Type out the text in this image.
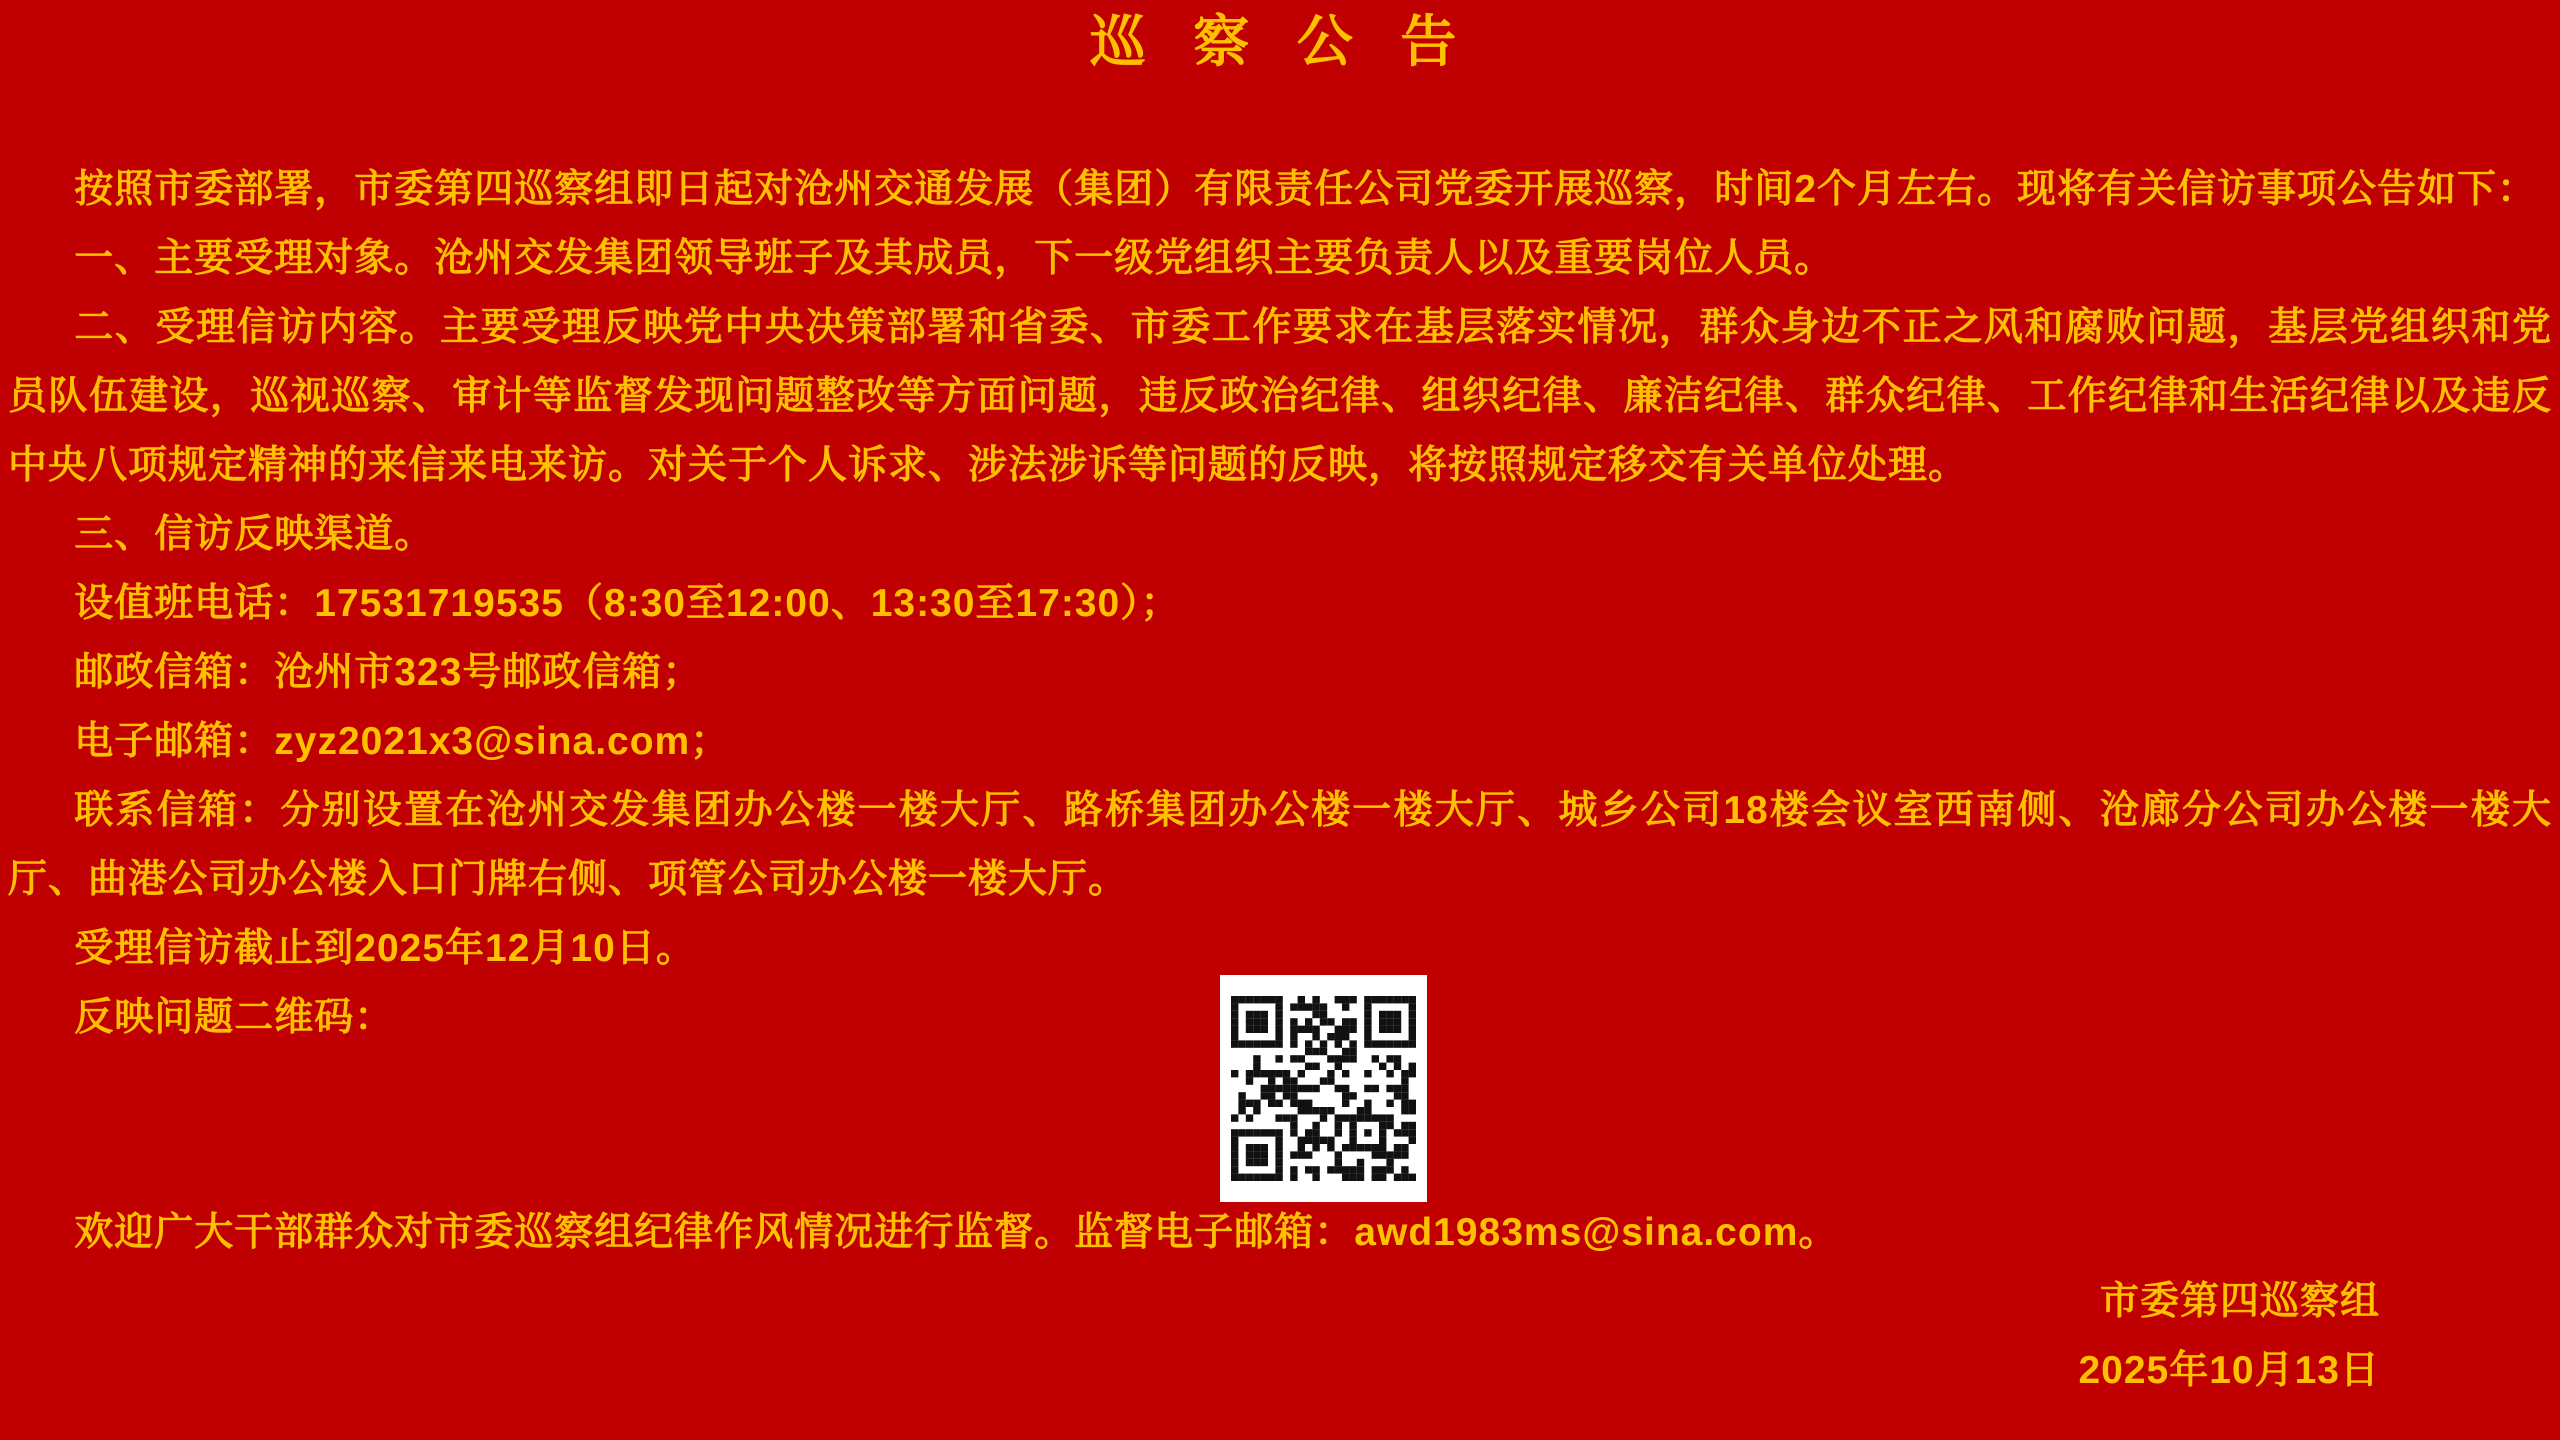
巡 察 公 告

按照市委部署，市委第四巡察组即日起对沧州交通发展（集团）有限责任公司党委开展巡察，时间2个月左右。现将有关信访事项公告如下：

一、主要受理对象。沧州交发集团领导班子及其成员，下一级党组织主要负责人以及重要岗位人员。

二、受理信访内容。主要受理反映党中央决策部署和省委、市委工作要求在基层落实情况，群众身边不正之风和腐败问题，基层党组织和党员队伍建设，巡视巡察、审计等监督发现问题整改等方面问题，违反政治纪律、组织纪律、廉洁纪律、群众纪律、工作纪律和生活纪律以及违反中央八项规定精神的来信来电来访。对关于个人诉求、涉法涉诉等问题的反映，将按照规定移交有关单位处理。

三、信访反映渠道。

设值班电话：17531719535（8:30至12:00、13:30至17:30）；

邮政信箱：沧州市323号邮政信箱；

电子邮箱：zyz2021x3@sina.com；

联系信箱：分别设置在沧州交发集团办公楼一楼大厅、路桥集团办公楼一楼大厅、城乡公司18楼会议室西南侧、沧廊分公司办公楼一楼大厅、曲港公司办公楼入口门牌右侧、项管公司办公楼一楼大厅。

受理信访截止到2025年12月10日。

反映问题二维码：

欢迎广大干部群众对市委巡察组纪律作风情况进行监督。监督电子邮箱：awd1983ms@sina.com。

市委第四巡察组

2025年10月13日
